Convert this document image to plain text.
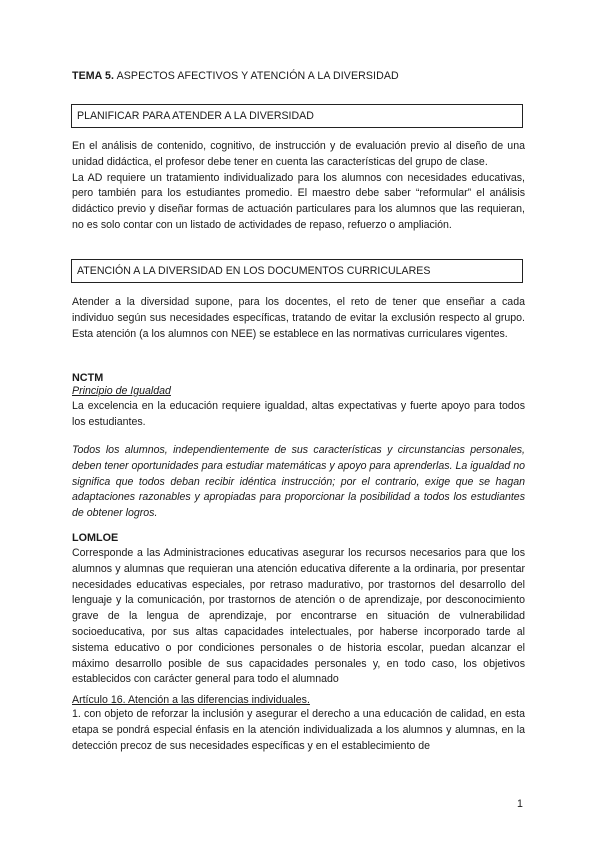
TEMA 5. ASPECTOS AFECTIVOS Y ATENCIÓN A LA DIVERSIDAD
PLANIFICAR PARA ATENDER A LA DIVERSIDAD

En el análisis de contenido, cognitivo, de instrucción y de evaluación previo al diseño de una unidad didáctica, el profesor debe tener en cuenta las características del grupo de clase.

La AD requiere un tratamiento individualizado para los alumnos con necesidades educativas, pero también para los estudiantes promedio. El maestro debe saber “reformular” el análisis didáctico previo y diseñar formas de actuación particulares para los alumnos que las requieran, no es solo contar con un listado de actividades de repaso, refuerzo o ampliación.

ATENCIÓN A LA DIVERSIDAD EN LOS DOCUMENTOS CURRICULARES

Atender a la diversidad supone, para los docentes, el reto de tener que enseñar a cada individuo según sus necesidades específicas, tratando de evitar la exclusión respecto al grupo. Esta atención (a los alumnos con NEE) se establece en las normativas curriculares vigentes.

NCTM
Principio de Igualdad

La excelencia en la educación requiere igualdad, altas expectativas y fuerte apoyo para todos los estudiantes.

Todos los alumnos, independientemente de sus características y circunstancias personales, deben tener oportunidades para estudiar matemáticas y apoyo para aprenderlas. La igualdad no significa que todos deban recibir idéntica instrucción; por el contrario, exige que se hagan adaptaciones razonables y apropiadas para proporcionar la posibilidad a todos los estudiantes de obtener logros.

LOMLOE

Corresponde a las Administraciones educativas asegurar los recursos necesarios para que los alumnos y alumnas que requieran una atención educativa diferente a la ordinaria, por presentar necesidades educativas especiales, por retraso madurativo, por trastornos del desarrollo del lenguaje y la comunicación, por trastornos de atención o de aprendizaje, por desconocimiento grave de la lengua de aprendizaje, por encontrarse en situación de vulnerabilidad socioeducativa, por sus altas capacidades intelectuales, por haberse incorporado tarde al sistema educativo o por condiciones personales o de historia escolar, puedan alcanzar el máximo desarrollo posible de sus capacidades personales y, en todo caso, los objetivos establecidos con carácter general para todo el alumnado

Artículo 16. Atención a las diferencias individuales.

1. con objeto de reforzar la inclusión y asegurar el derecho a una educación de calidad, en esta etapa se pondrá especial énfasis en la atención individualizada a los alumnos y alumnas, en la detección precoz de sus necesidades específicas y en el establecimiento de

1
